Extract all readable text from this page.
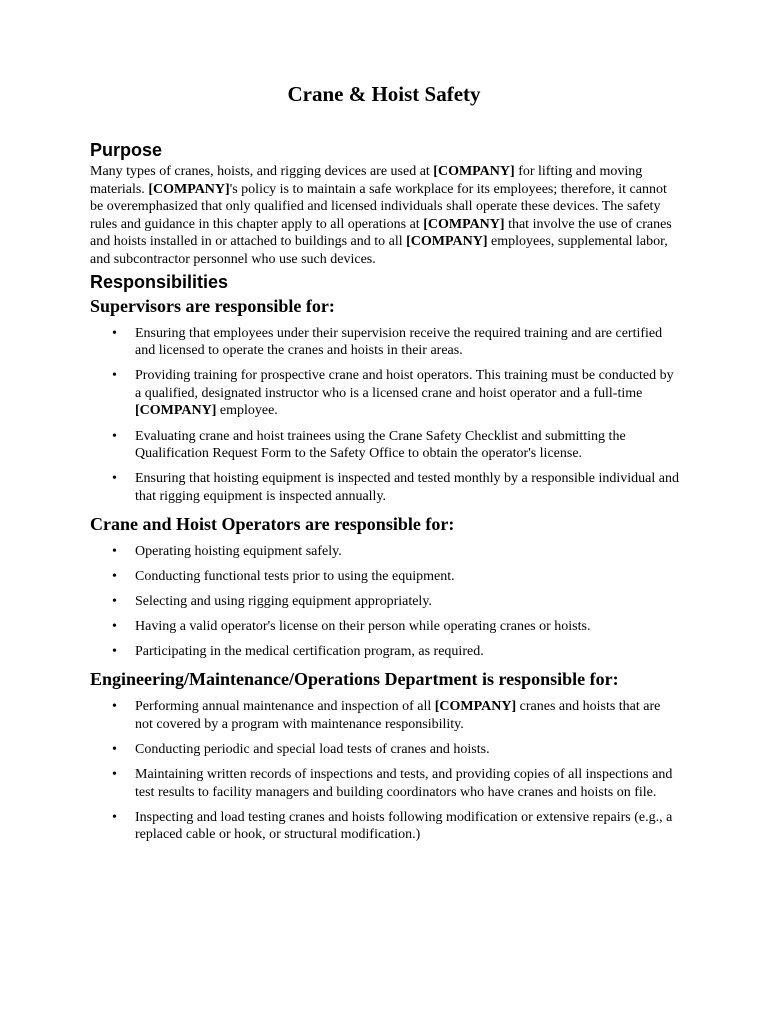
Crane & Hoist Safety
Purpose

Many types of cranes, hoists, and rigging devices are used at [COMPANY] for lifting and moving materials. [COMPANY]'s policy is to maintain a safe workplace for its employees; therefore, it cannot be overemphasized that only qualified and licensed individuals shall operate these devices. The safety rules and guidance in this chapter apply to all operations at [COMPANY] that involve the use of cranes and hoists installed in or attached to buildings and to all [COMPANY] employees, supplemental labor, and subcontractor personnel who use such devices.

Responsibilities
Supervisors are responsible for:
• Ensuring that employees under their supervision receive the required training and are certified and licensed to operate the cranes and hoists in their areas.
• Providing training for prospective crane and hoist operators. This training must be conducted by a qualified, designated instructor who is a licensed crane and hoist operator and a full-time [COMPANY] employee.
• Evaluating crane and hoist trainees using the Crane Safety Checklist and submitting the Qualification Request Form to the Safety Office to obtain the operator's license.
• Ensuring that hoisting equipment is inspected and tested monthly by a responsible individual and that rigging equipment is inspected annually.
Crane and Hoist Operators are responsible for:
• Operating hoisting equipment safely.
• Conducting functional tests prior to using the equipment.
• Selecting and using rigging equipment appropriately.
• Having a valid operator's license on their person while operating cranes or hoists.
• Participating in the medical certification program, as required.
Engineering/Maintenance/Operations Department is responsible for:
• Performing annual maintenance and inspection of all [COMPANY] cranes and hoists that are not covered by a program with maintenance responsibility.
• Conducting periodic and special load tests of cranes and hoists.
• Maintaining written records of inspections and tests, and providing copies of all inspections and test results to facility managers and building coordinators who have cranes and hoists on file.
• Inspecting and load testing cranes and hoists following modification or extensive repairs (e.g., a replaced cable or hook, or structural modification.)
